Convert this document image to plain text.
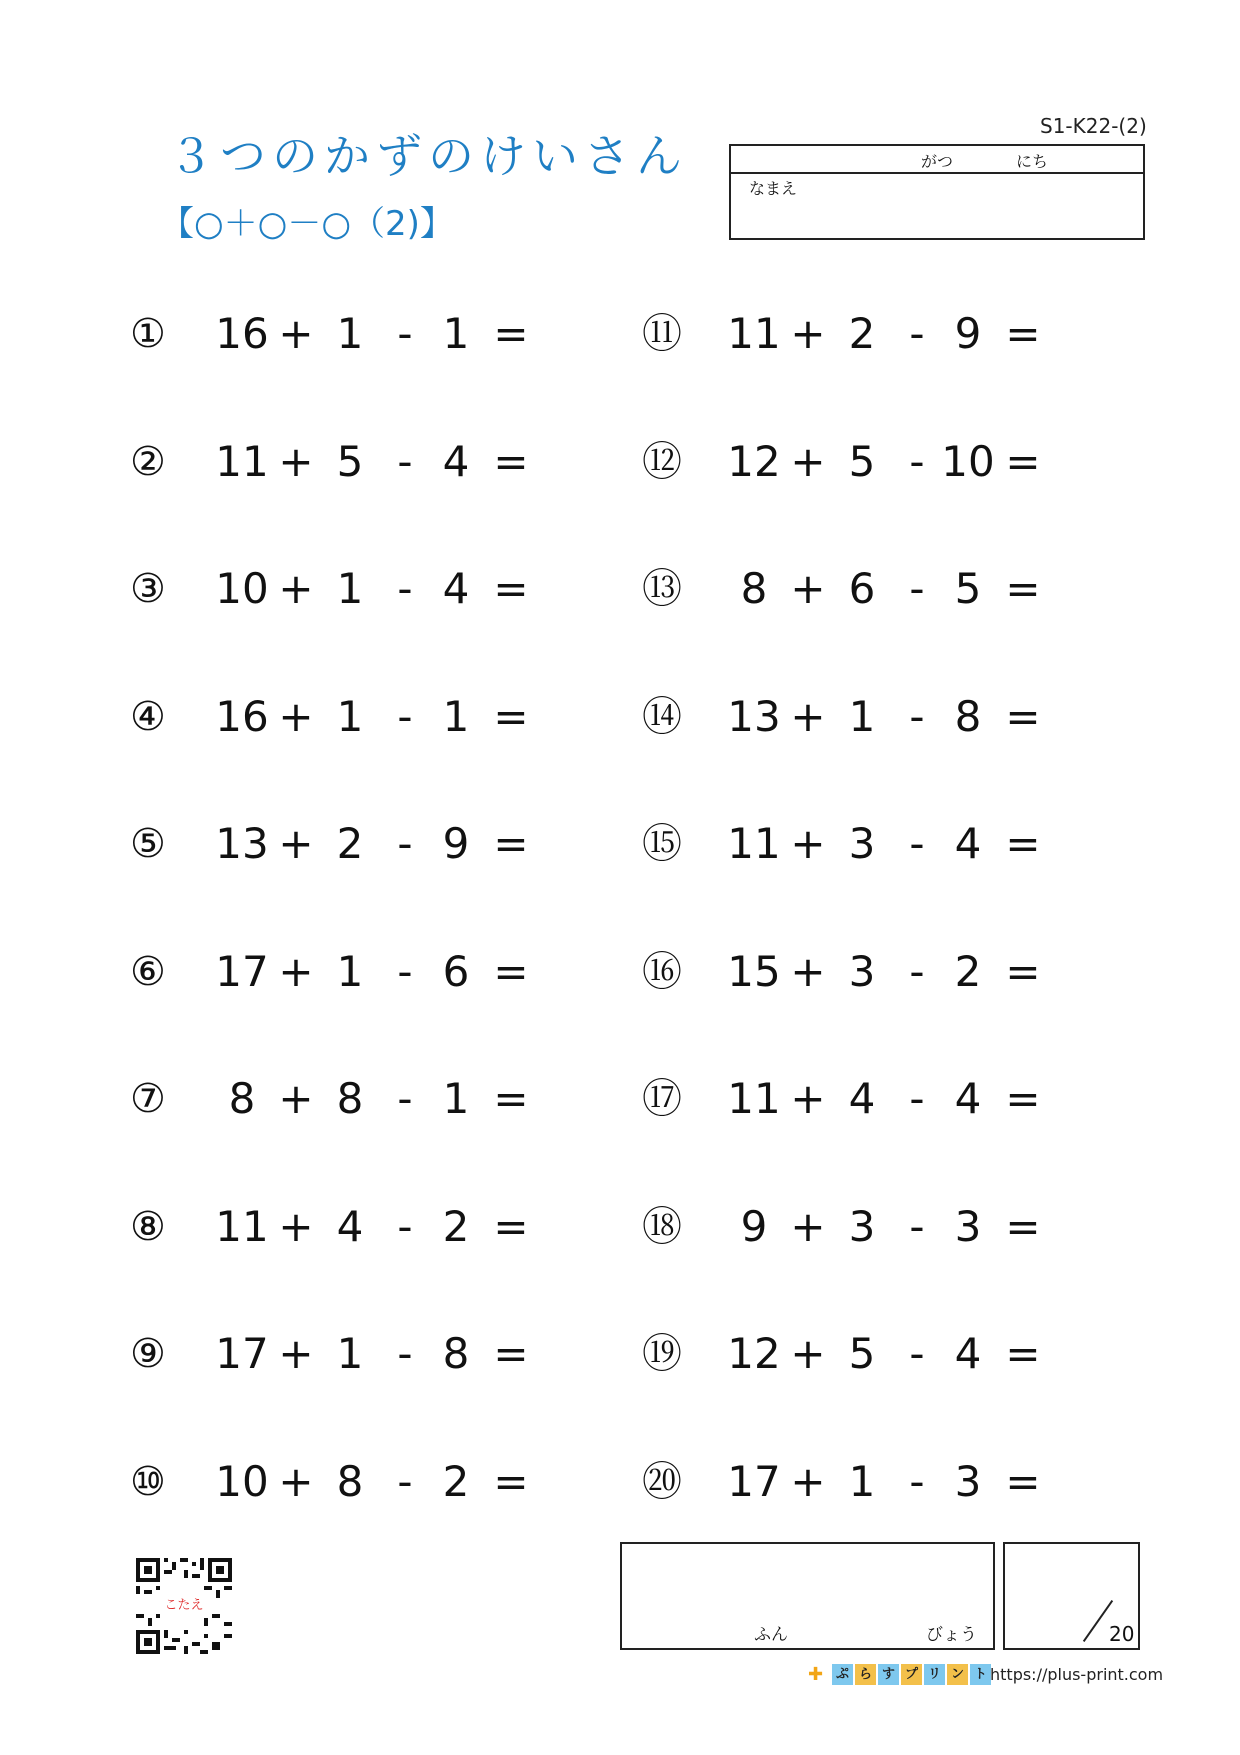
３つのかずのけいさん
【○＋○－○（2)】
S1-K22-(2)
がつ	にち
なまえ
① 16 + 1 - 1 =
② 11 + 5 - 4 =
③ 10 + 1 - 4 =
④ 16 + 1 - 1 =
⑤ 13 + 2 - 9 =
⑥ 17 + 1 - 6 =
⑦	8 + 8 - 1 =
⑧ 11 + 4 - 2 =
⑨ 17 + 1 - 8 =
⑩ 10 + 8 - 2 =
⑪ 11 + 2 - 9 =
⑫ 12 + 5 - 10 =
⑬	8 + 6 - 5 =
⑭ 13 + 1 - 8 =
⑮ 11 + 3 - 4 =
⑯ 15 + 3 - 2 =
⑰ 11 + 4 - 4 =
⑱	9 + 3 - 3 =
⑲ 12 + 5 - 4 =
⑳ 17 + 1 - 3 =
こたえ
ふん	びょう	20
✚ ぷ ら す プ リ ン ト https://plus-print.com
